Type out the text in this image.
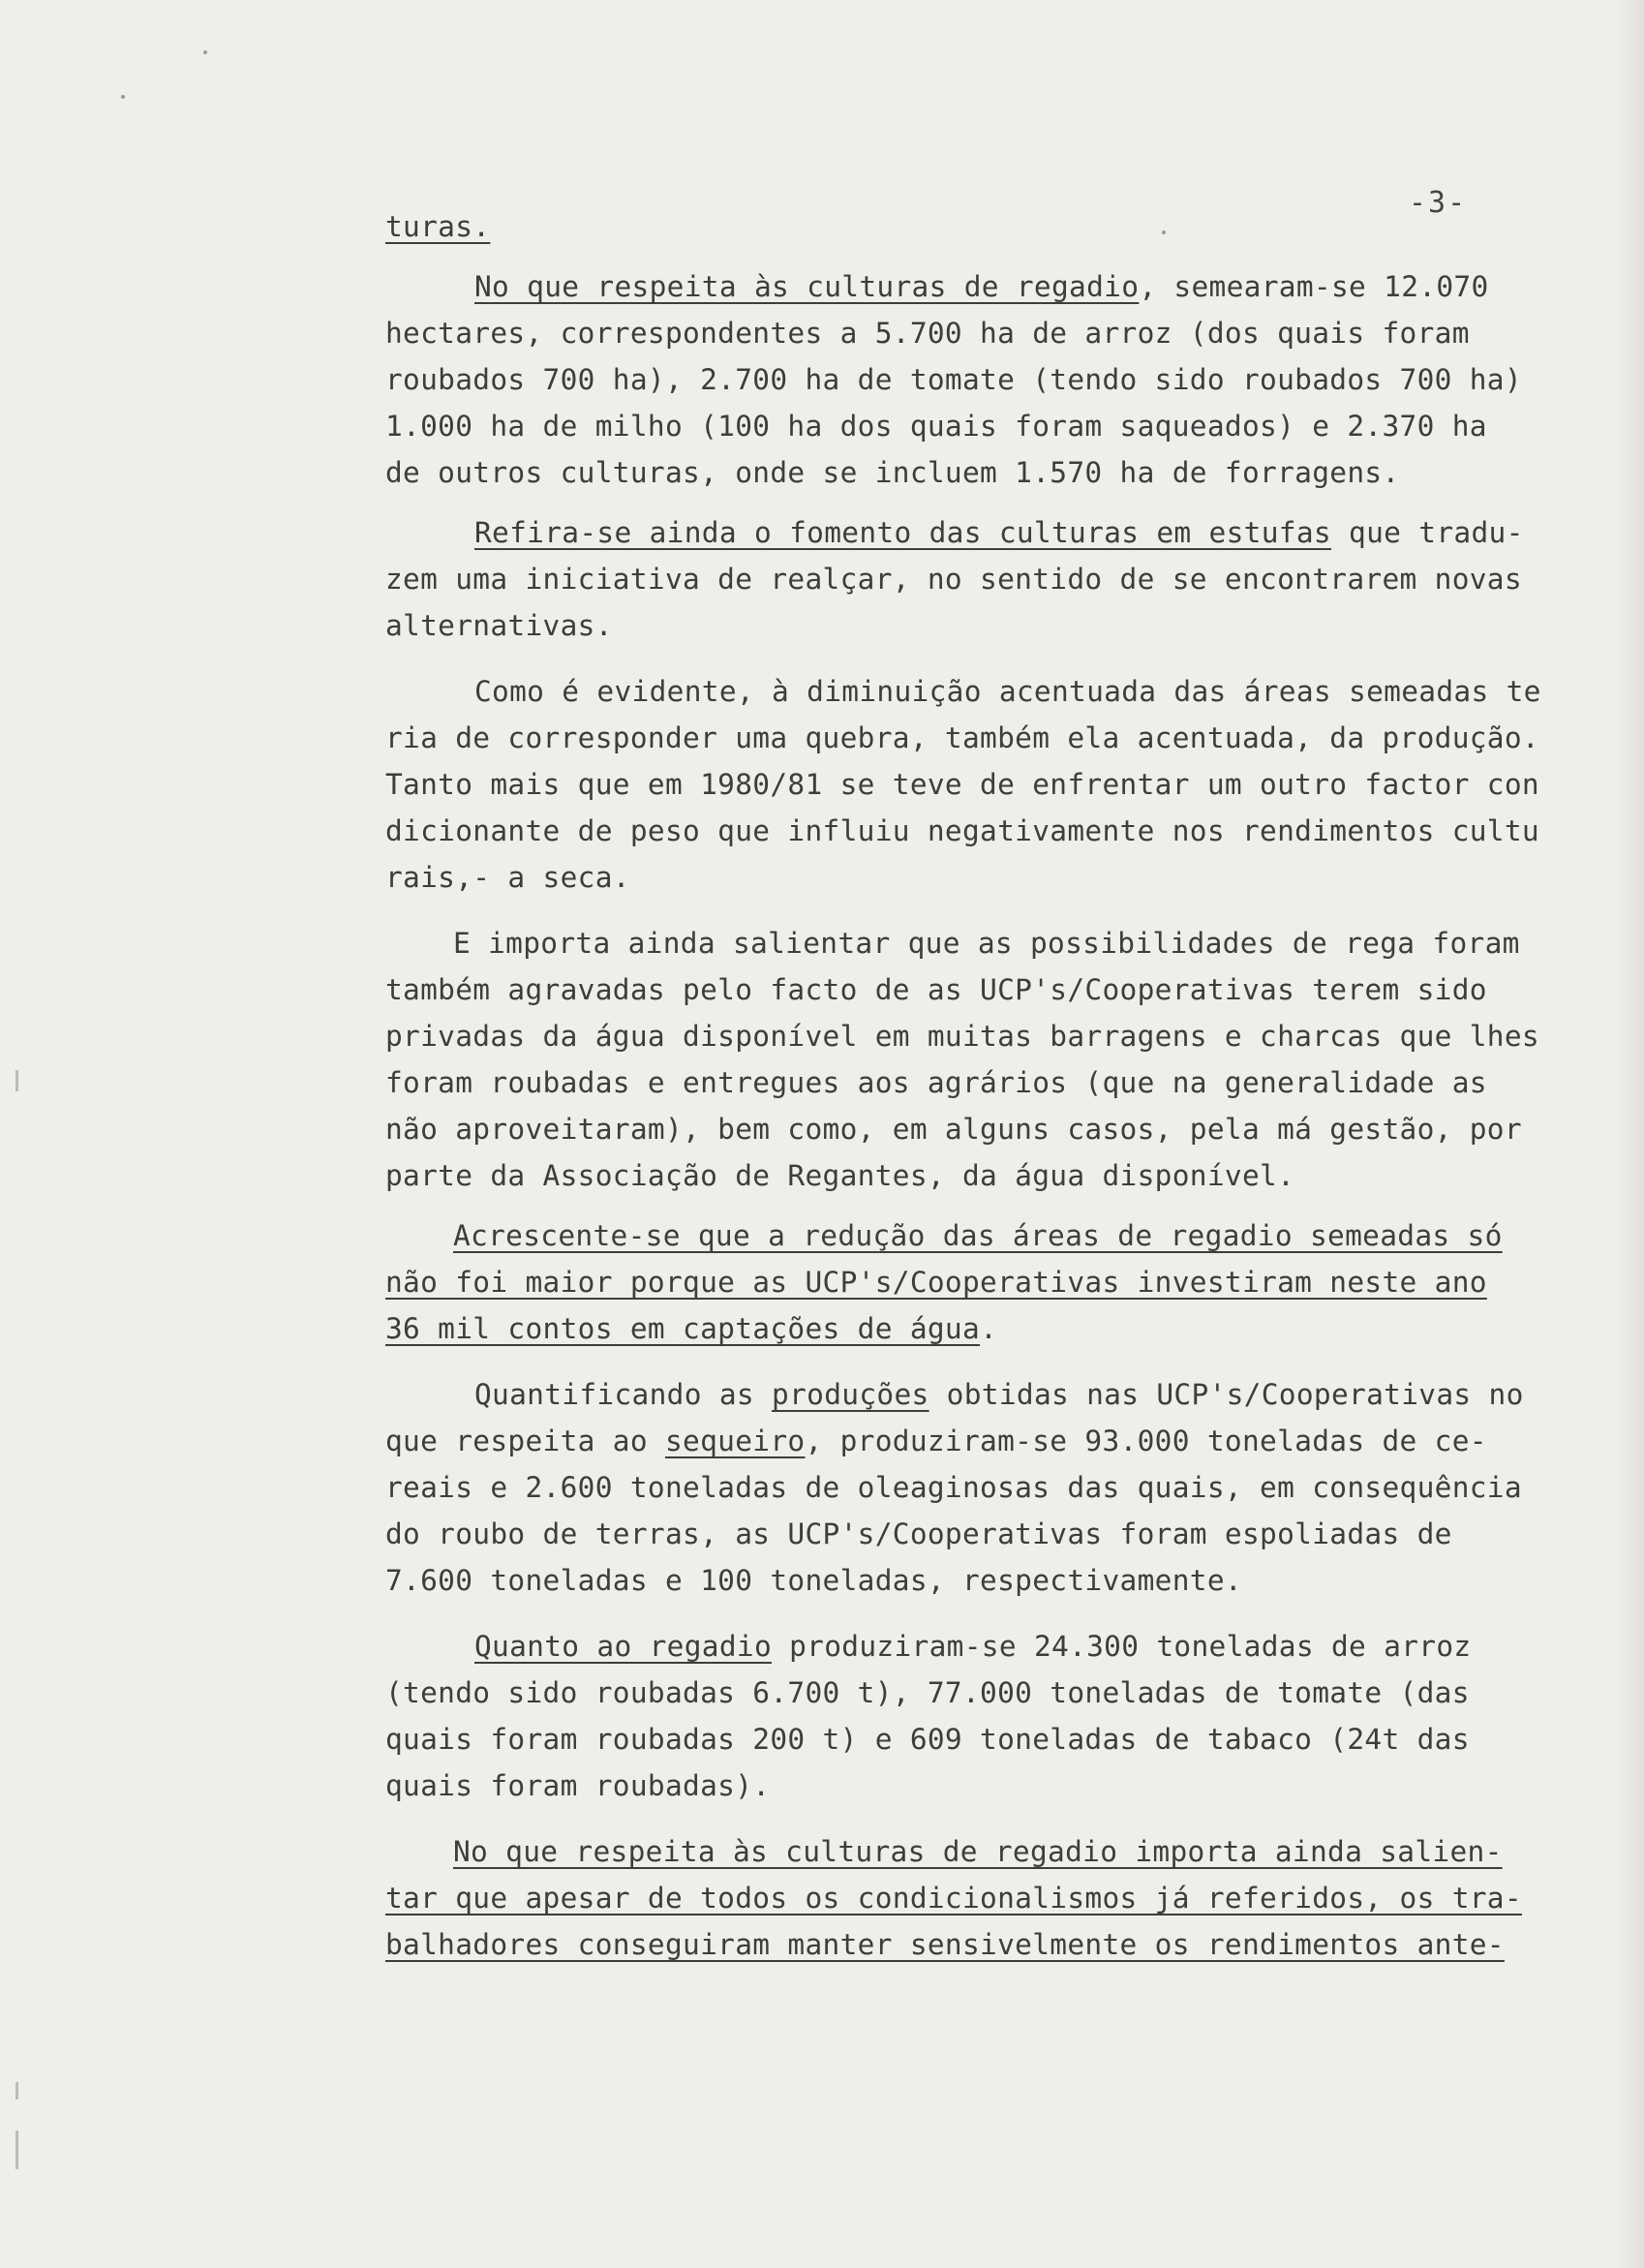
-3-
turas.
No que respeita às culturas de regadio, semearam-se 12.070
hectares, correspondentes a 5.700 ha de arroz (dos quais foram
roubados 700 ha), 2.700 ha de tomate (tendo sido roubados 700 ha)
1.000 ha de milho (100 ha dos quais foram saqueados) e 2.370 ha
de outros culturas, onde se incluem 1.570 ha de forragens.
Refira-se ainda o fomento das culturas em estufas que tradu-
zem uma iniciativa de realçar, no sentido de se encontrarem novas
alternativas.
Como é evidente, à diminuição acentuada das áreas semeadas te
ria de corresponder uma quebra, também ela acentuada, da produção.
Tanto mais que em 1980/81 se teve de enfrentar um outro factor con
dicionante de peso que influiu negativamente nos rendimentos cultu
rais,- a seca.
E importa ainda salientar que as possibilidades de rega foram
também agravadas pelo facto de as UCP's/Cooperativas terem sido
privadas da água disponível em muitas barragens e charcas que lhes
foram roubadas e entregues aos agrários (que na generalidade as
não aproveitaram), bem como, em alguns casos, pela má gestão, por
parte da Associação de Regantes, da água disponível.
Acrescente-se que a redução das áreas de regadio semeadas só
não foi maior porque as UCP's/Cooperativas investiram neste ano
36 mil contos em captações de água.
Quantificando as produções obtidas nas UCP's/Cooperativas no
que respeita ao sequeiro, produziram-se 93.000 toneladas de ce-
reais e 2.600 toneladas de oleaginosas das quais, em consequência
do roubo de terras, as UCP's/Cooperativas foram espoliadas de
7.600 toneladas e 100 toneladas, respectivamente.
Quanto ao regadio produziram-se 24.300 toneladas de arroz
(tendo sido roubadas 6.700 t), 77.000 toneladas de tomate (das
quais foram roubadas 200 t) e 609 toneladas de tabaco (24t das
quais foram roubadas).
No que respeita às culturas de regadio importa ainda salien-
tar que apesar de todos os condicionalismos já referidos, os tra-
balhadores conseguiram manter sensivelmente os rendimentos ante-
